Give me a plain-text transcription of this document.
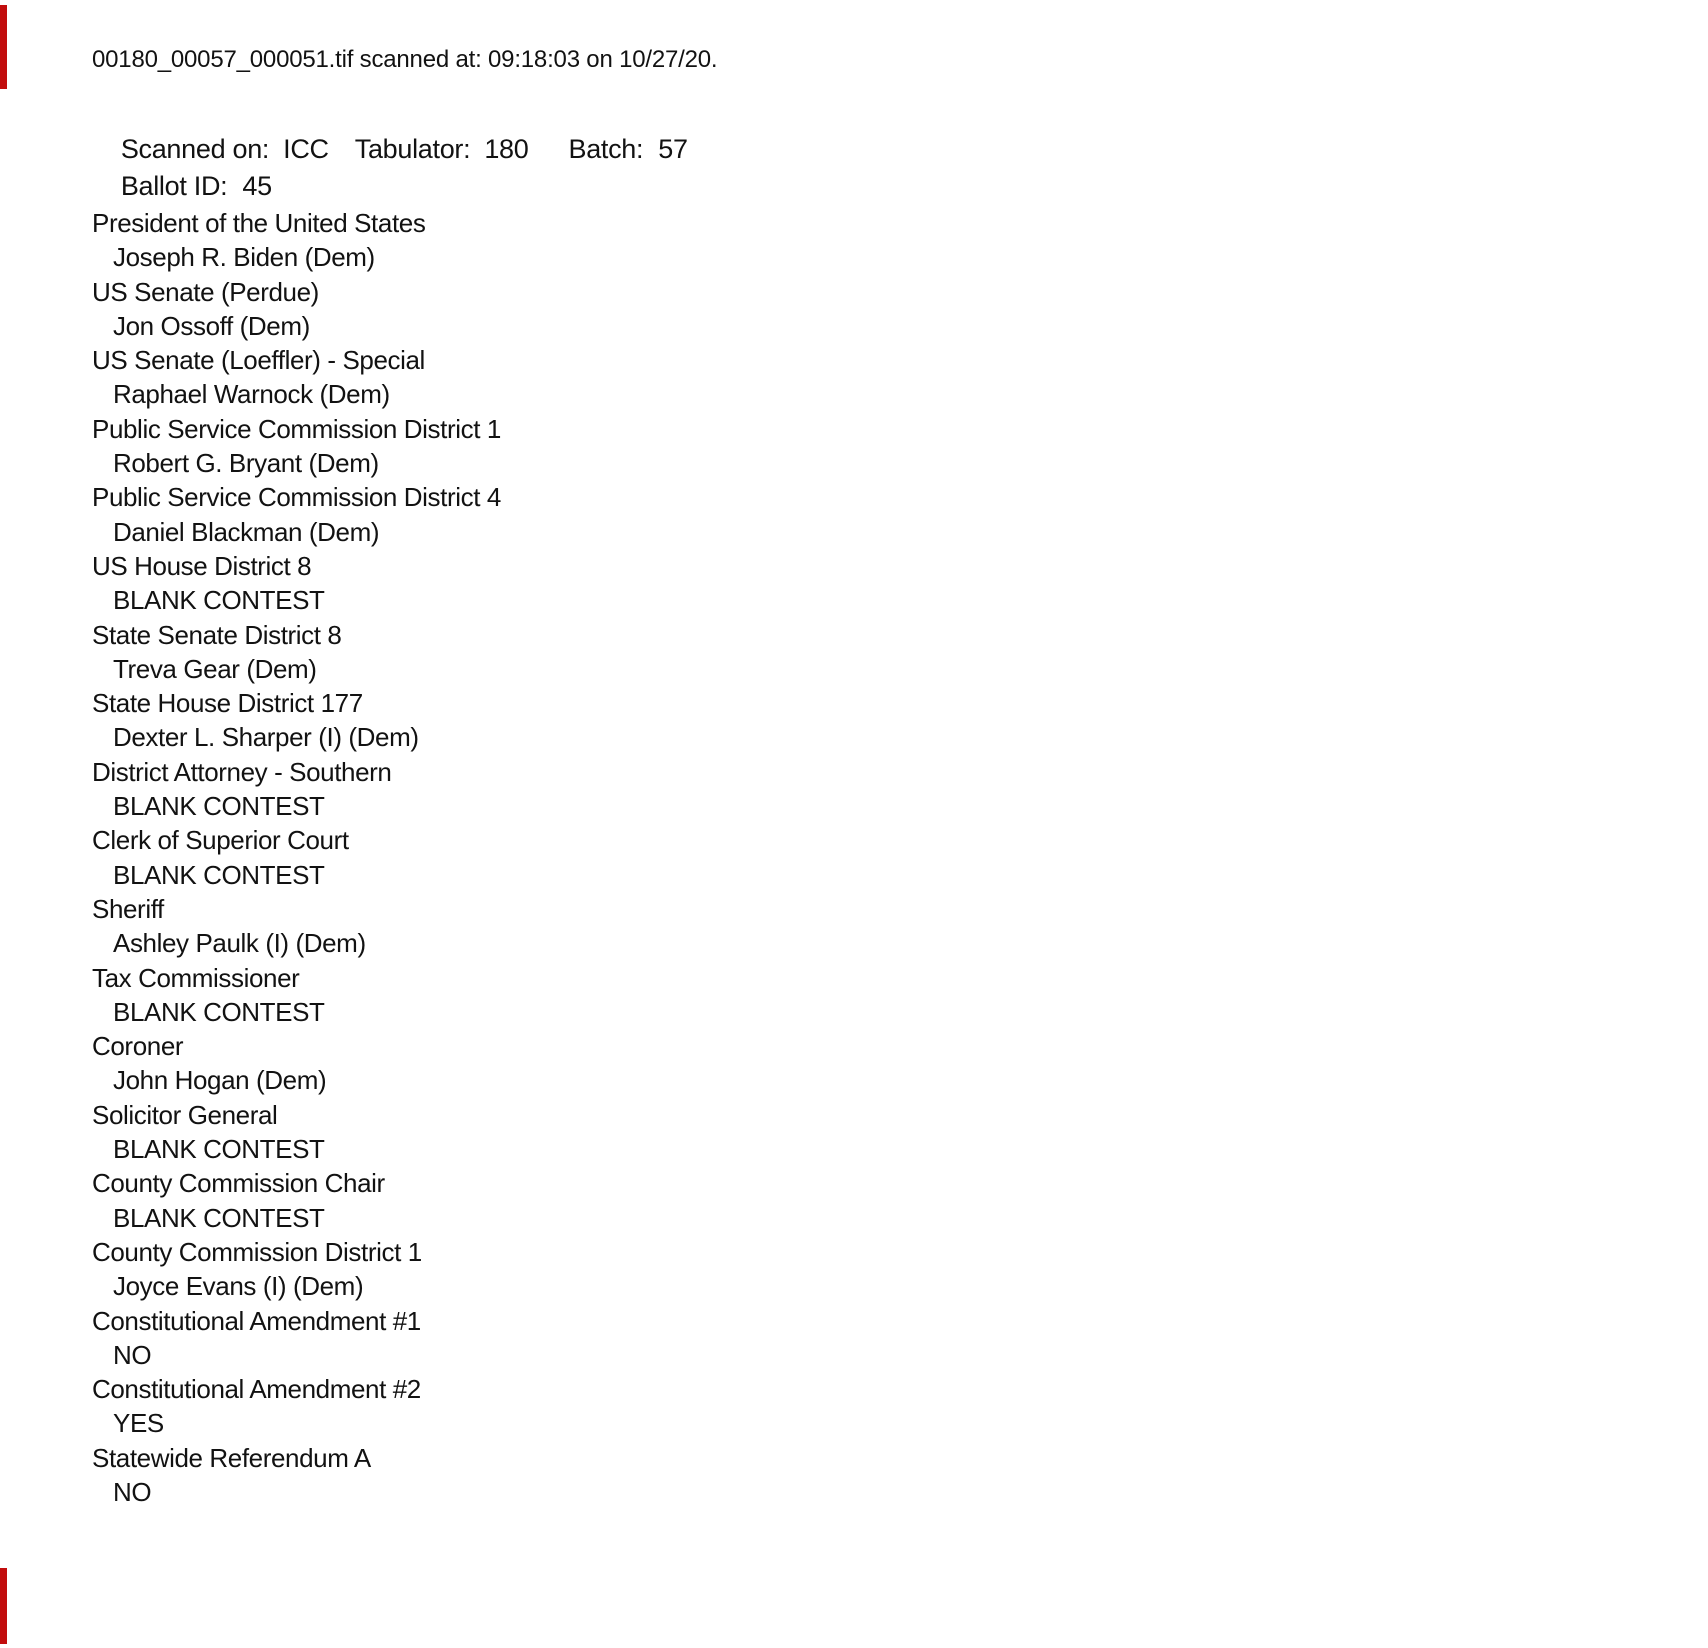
00180_00057_000051.tif scanned at: 09:18:03 on 10/27/20.

Scanned on: ICC Tabulator: 180 Batch: 57

Ballot ID: 45

President of the United States
Joseph R. Biden (Dem)
US Senate (Perdue)
Jon Ossoff (Dem)
US Senate (Loeffler) - Special
Raphael Warnock (Dem)
Public Service Commission District 1
Robert G. Bryant (Dem)
Public Service Commission District 4
Daniel Blackman (Dem)
US House District 8
BLANK CONTEST
State Senate District 8
Treva Gear (Dem)
State House District 177
Dexter L. Sharper (I) (Dem)
District Attorney - Southern
BLANK CONTEST
Clerk of Superior Court
BLANK CONTEST
Sheriff
Ashley Paulk (I) (Dem)
Tax Commissioner
BLANK CONTEST
Coroner
John Hogan (Dem)
Solicitor General
BLANK CONTEST
County Commission Chair
BLANK CONTEST
County Commission District 1
Joyce Evans (I) (Dem)
Constitutional Amendment #1
NO
Constitutional Amendment #2
YES
Statewide Referendum A
NO
